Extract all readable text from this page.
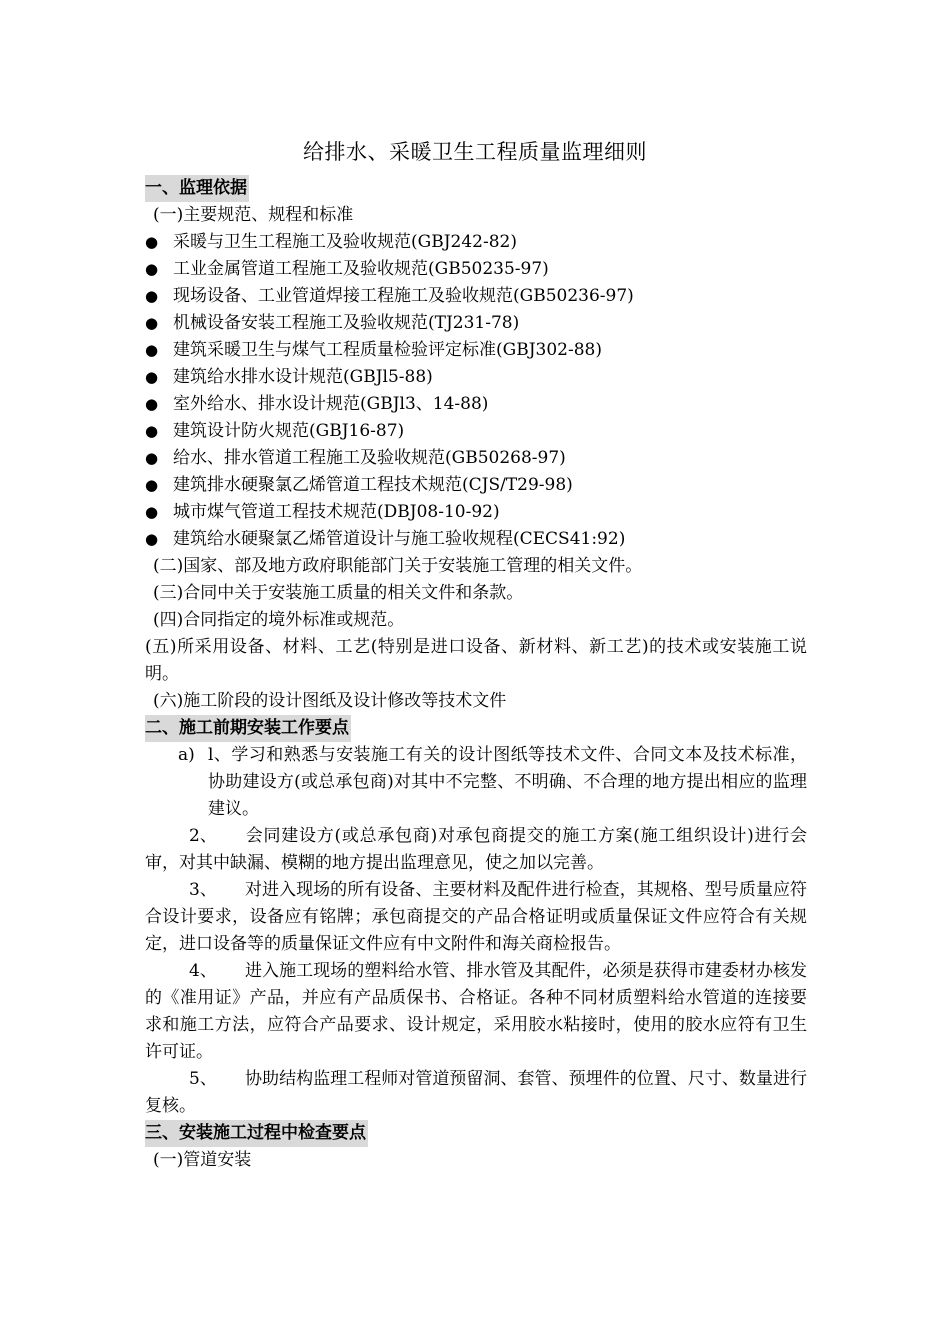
给排水、采暖卫生工程质量监理细则
一、监理依据
(一)主要规范、规程和标准
● 采暖与卫生工程施工及验收规范(GBJ242-82)
● 工业金属管道工程施工及验收规范(GB50235-97)
● 现场设备、工业管道焊接工程施工及验收规范(GB50236-97)
● 机械设备安装工程施工及验收规范(TJ231-78)
● 建筑采暖卫生与煤气工程质量检验评定标准(GBJ302-88)
● 建筑给水排水设计规范(GBJl5-88)
● 室外给水、排水设计规范(GBJl3、14-88)
● 建筑设计防火规范(GBJ16-87)
● 给水、排水管道工程施工及验收规范(GB50268-97)
● 建筑排水硬聚氯乙烯管道工程技术规范(CJS/T29-98)
● 城市煤气管道工程技术规范(DBJ08-10-92)
● 建筑给水硬聚氯乙烯管道设计与施工验收规程(CECS41:92)
(二)国家、部及地方政府职能部门关于安装施工管理的相关文件。
(三)合同中关于安装施工质量的相关文件和条款。
(四)合同指定的境外标准或规范。
(五)所采用设备、材料、工艺(特别是进口设备、新材料、新工艺)的技术或安装施工说明。
(六)施工阶段的设计图纸及设计修改等技术文件
二、施工前期安装工作要点
a) l、学习和熟悉与安装施工有关的设计图纸等技术文件、合同文本及技术标准，协助建设方(或总承包商)对其中不完整、不明确、不合理的地方提出相应的监理建议。
2、 会同建设方(或总承包商)对承包商提交的施工方案(施工组织设计)进行会审，对其中缺漏、模糊的地方提出监理意见，使之加以完善。
3、 对进入现场的所有设备、主要材料及配件进行检查，其规格、型号质量应符合设计要求，设备应有铭牌；承包商提交的产品合格证明或质量保证文件应符合有关规定，进口设备等的质量保证文件应有中文附件和海关商检报告。
4、 进入施工现场的塑料给水管、排水管及其配件，必须是获得市建委材办核发的《准用证》产品，并应有产品质保书、合格证。各种不同材质塑料给水管道的连接要求和施工方法，应符合产品要求、设计规定，采用胶水粘接时，使用的胶水应符有卫生许可证。
5、 协助结构监理工程师对管道预留洞、套管、预埋件的位置、尺寸、数量进行复核。
三、安装施工过程中检查要点
(一)管道安装
